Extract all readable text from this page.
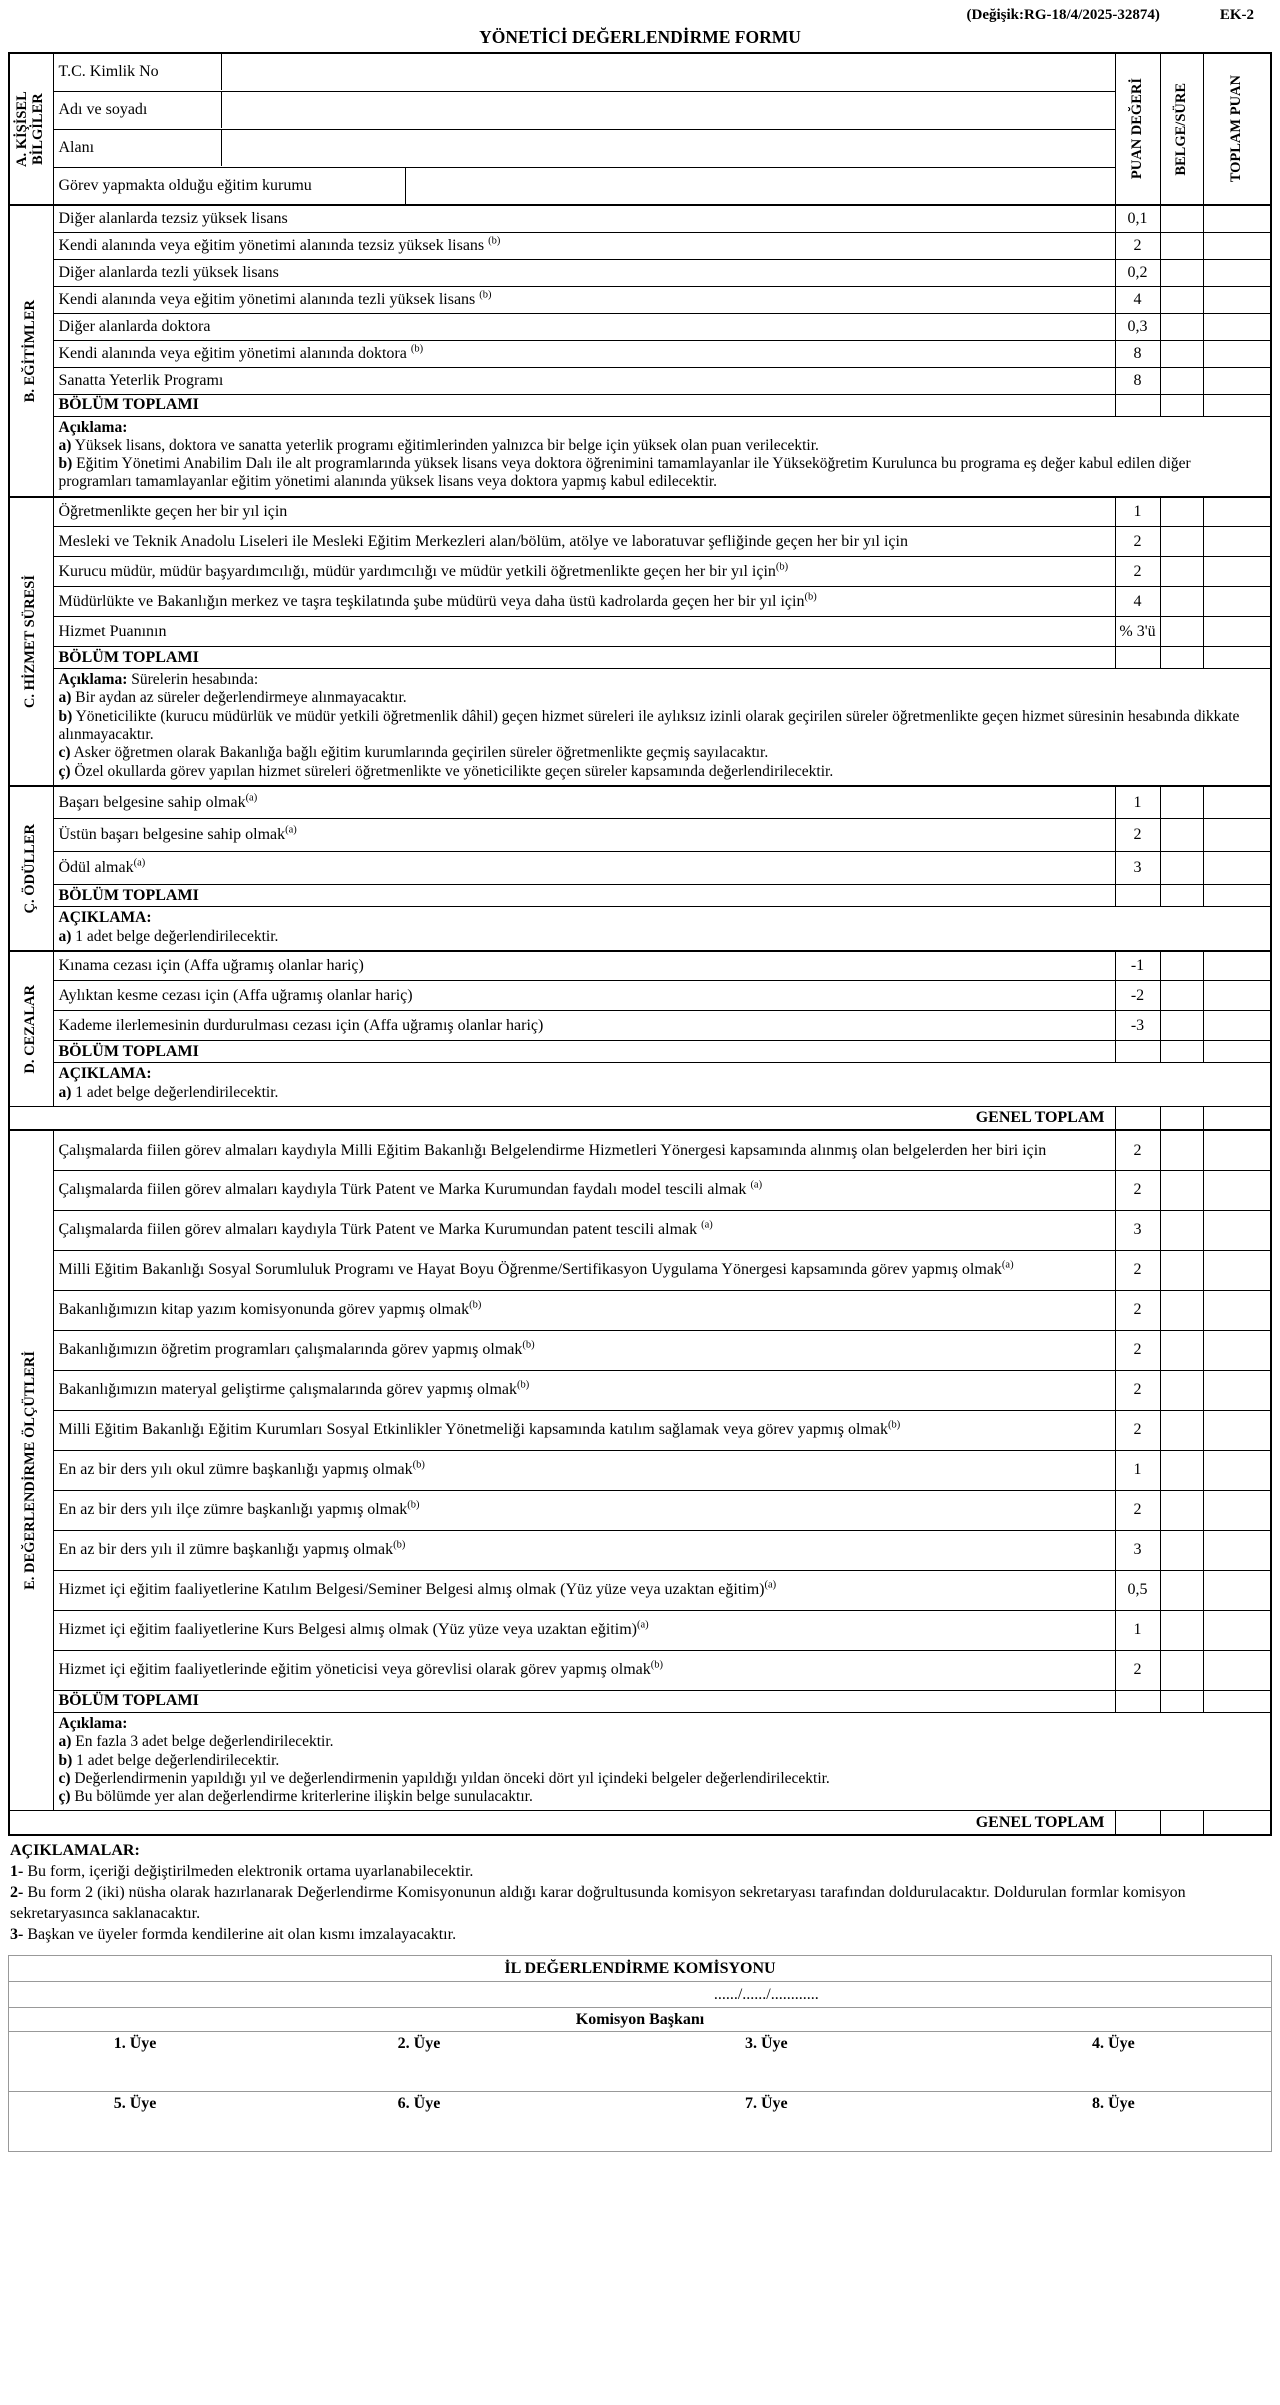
(Değişik:RG-18/4/2025-32874)	EK-2
YÖNETİCİ DEĞERLENDİRME FORMU
A. KİŞİSEL BİLGİLER	T.C. Kimlik No	PUAN DEĞERİ	BELGE/SÜRE	TOPLAM PUAN

Adı ve soyadı			

Alanı			

Görev yapmakta olduğu eğitim kurumu			

B. EĞİTİMLER	Diğer alanlarda tezsiz yüksek lisans	0,1		
	Kendi alanında veya eğitim yönetimi alanında tezsiz yüksek lisans $^{(b)}$	2		
	Diğer alanlarda tezli yüksek lisans	0,2		
	Kendi alanında veya eğitim yönetimi alanında tezli yüksek lisans $^{(b)}$	4		
	Diğer alanlarda doktora	0,3		
	Kendi alanında veya eğitim yönetimi alanında doktora $^{(b)}$	8		
	Sanatta Yeterlik Programı	8		
	BÖLÜM TOPLAMI			

	Açıklama:
a) Yüksek lisans, doktora ve sanatta yeterlik programı eğitimlerinden yalnızca bir belge için yüksek olan puan verilecektir.
b) Eğitim Yönetimi Anabilim Dalı ile alt programlarında yüksek lisans veya doktora öğrenimini tamamlayanlar ile Yükseköğretim Kurulunca bu programa eş değer kabul edilen diğer programları tamamlayanlar eğitim yönetimi alanında yüksek lisans veya doktora yapmış kabul edilecektir.			

C. HİZMET SÜRESİ	Öğretmenlikte geçen her bir yıl için	1		
	Mesleki ve Teknik Anadolu Liseleri ile Mesleki Eğitim Merkezleri alan/bölüm, atölye ve laboratuvar şefliğinde geçen her bir yıl için	2		
	Kurucu müdür, müdür başyardımcılığı, müdür yardımcılığı ve müdür yetkili öğretmenlikte geçen her bir yıl için$^{(b)}$	2		
	Müdürlükte ve Bakanlığın merkez ve taşra teşkilatında şube müdürü veya daha üstü kadrolarda geçen her bir yıl için$^{(b)}$	4		
	Hizmet Puanının	% 3'ü		
	BÖLÜM TOPLAMI			

	Açıklama: Sürelerin hesabında:
a) Bir aydan az süreler değerlendirmeye alınmayacaktır.
b) Yöneticilikte (kurucu müdürlük ve müdür yetkili öğretmenlik dâhil) geçen hizmet süreleri ile aylıksız izinli olarak geçirilen süreler öğretmenlikte geçen hizmet süresinin hesabında dikkate alınmayacaktır.
c) Asker öğretmen olarak Bakanlığa bağlı eğitim kurumlarında geçirilen süreler öğretmenlikte geçmiş sayılacaktır.
ç) Özel okullarda görev yapılan hizmet süreleri öğretmenlikte ve yöneticilikte geçen süreler kapsamında değerlendirilecektir.			

Ç. ÖDÜLLER	Başarı belgesine sahip olmak$^{(a)}$	1		
	Üstün başarı belgesine sahip olmak$^{(a)}$	2		
	Ödül almak$^{(a)}$	3		
	BÖLÜM TOPLAMI			

	AÇIKLAMA:
a) 1 adet belge değerlendirilecektir.			

D. CEZALAR	Kınama cezası için (Affa uğramış olanlar hariç)	-1		
	Aylıktan kesme cezası için (Affa uğramış olanlar hariç)	-2		
	Kademe ilerlemesinin durdurulması cezası için (Affa uğramış olanlar hariç)	-3		
	BÖLÜM TOPLAMI			

	AÇIKLAMA:
a) 1 adet belge değerlendirilecektir.			

GENEL TOPLAM				

E. DEĞERLENDİRME ÖLÇÜTLERİ	Çalışmalarda fiilen görev almaları kaydıyla Milli Eğitim Bakanlığı Belgelendirme Hizmetleri Yönergesi kapsamında alınmış olan belgelerden her biri için	2		
	Çalışmalarda fiilen görev almaları kaydıyla Türk Patent ve Marka Kurumundan faydalı model tescili almak $^{(a)}$	2		
	Çalışmalarda fiilen görev almaları kaydıyla Türk Patent ve Marka Kurumundan patent tescili almak $^{(a)}$	3		
	Milli Eğitim Bakanlığı Sosyal Sorumluluk Programı ve Hayat Boyu Öğrenme/Sertifikasyon Uygulama Yönergesi kapsamında görev yapmış olmak$^{(a)}$	2		
	Bakanlığımızın kitap yazım komisyonunda görev yapmış olmak$^{(b)}$	2		
	Bakanlığımızın öğretim programları çalışmalarında görev yapmış olmak$^{(b)}$	2		
	Bakanlığımızın materyal geliştirme çalışmalarında görev yapmış olmak$^{(b)}$	2		
	Milli Eğitim Bakanlığı Eğitim Kurumları Sosyal Etkinlikler Yönetmeliği kapsamında katılım sağlamak veya görev yapmış olmak$^{(b)}$	2		
	En az bir ders yılı okul zümre başkanlığı yapmış olmak$^{(b)}$	1		
	En az bir ders yılı ilçe zümre başkanlığı yapmış olmak$^{(b)}$	2		
	En az bir ders yılı il zümre başkanlığı yapmış olmak$^{(b)}$	3		
	Hizmet içi eğitim faaliyetlerine Katılım Belgesi/Seminer Belgesi almış olmak (Yüz yüze veya uzaktan eğitim)$^{(a)}$	0,5		
	Hizmet içi eğitim faaliyetlerine Kurs Belgesi almış olmak (Yüz yüze veya uzaktan eğitim)$^{(a)}$	1		
	Hizmet içi eğitim faaliyetlerinde eğitim yöneticisi veya görevlisi olarak görev yapmış olmak$^{(b)}$	2		
	BÖLÜM TOPLAMI			

	Açıklama:
a) En fazla 3 adet belge değerlendirilecektir.
b) 1 adet belge değerlendirilecektir.
c) Değerlendirmenin yapıldığı yıl ve değerlendirmenin yapıldığı yıldan önceki dört yıl içindeki belgeler değerlendirilecektir.
ç) Bu bölümde yer alan değerlendirme kriterlerine ilişkin belge sunulacaktır.			

GENEL TOPLAM				
AÇIKLAMALAR:
1- Bu form, içeriği değiştirilmeden elektronik ortama uyarlanabilecektir.
2- Bu form 2 (iki) nüsha olarak hazırlanarak Değerlendirme Komisyonunun aldığı karar doğrultusunda komisyon sekretaryası tarafından doldurulacaktır. Doldurulan formlar komisyon sekretaryasınca saklanacaktır.
3- Başkan ve üyeler formda kendilerine ait olan kısmı imzalayacaktır.
İL DEĞERLENDİRME KOMİSYONU			
		....../....../............	
Komisyon Başkanı			
1. Üye	2. Üye	3. Üye	4. Üye
5. Üye	6. Üye	7. Üye	8. Üye
